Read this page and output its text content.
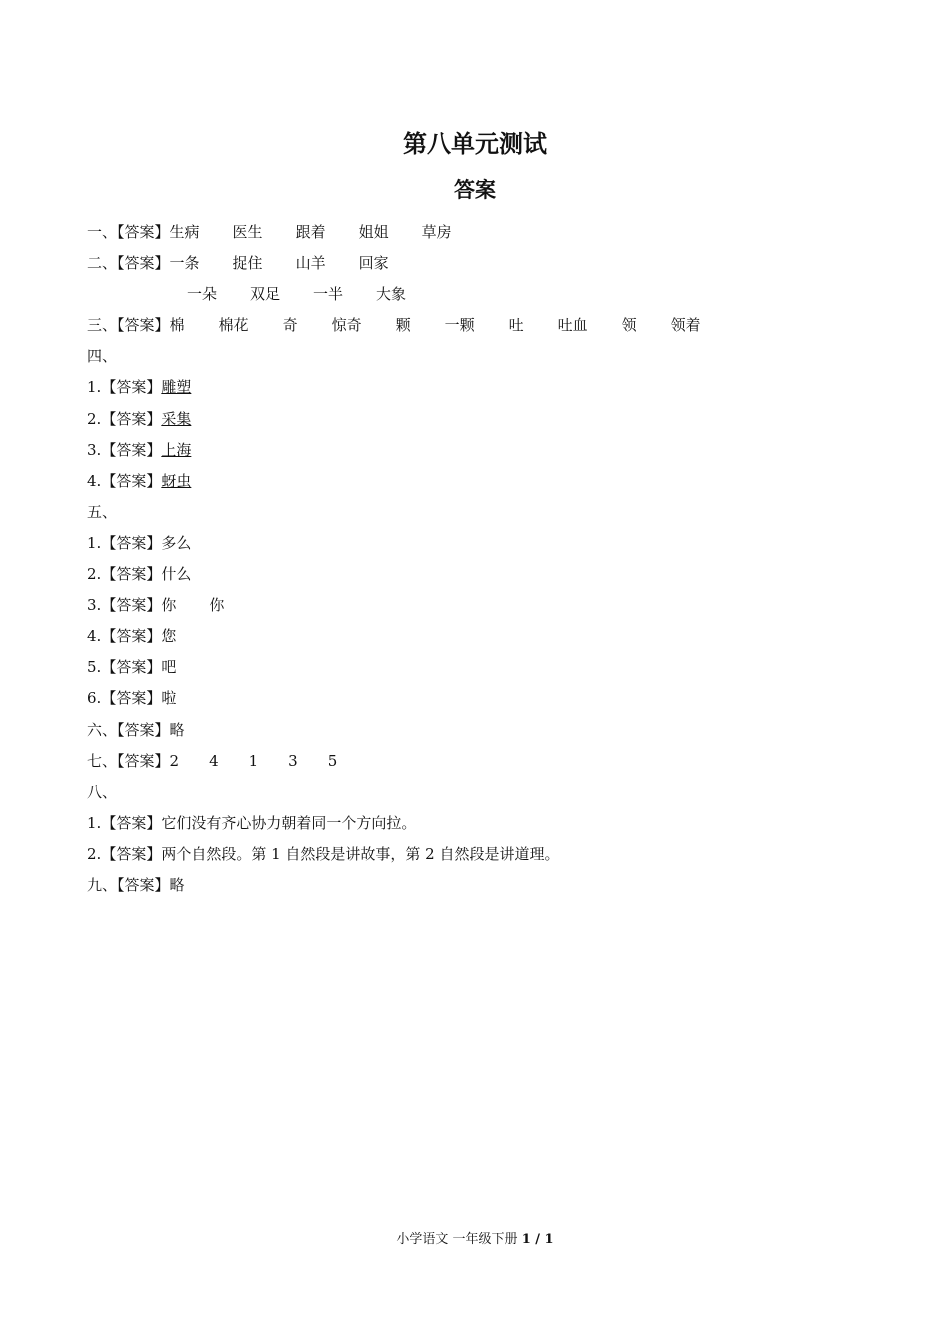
第八单元测试
答案
一、【答案】生病 医生 跟着 姐姐 草房
二、【答案】一条 捉住 山羊 回家
一朵 双足 一半 大象
三、【答案】棉 棉花 奇 惊奇 颗 一颗 吐 吐血 领 领着
四、
1.【答案】雕塑
2.【答案】采集
3.【答案】上海
4.【答案】蚜虫
五、
1.【答案】多么
2.【答案】什么
3.【答案】你 你
4.【答案】您
5.【答案】吧
6.【答案】啦
六、【答案】略
七、【答案】2 4 1 3 5
八、
1.【答案】它们没有齐心协力朝着同一个方向拉。
2.【答案】两个自然段。第 1 自然段是讲故事，第 2 自然段是讲道理。
九、【答案】略
小学语文 一年级下册 1 / 1
